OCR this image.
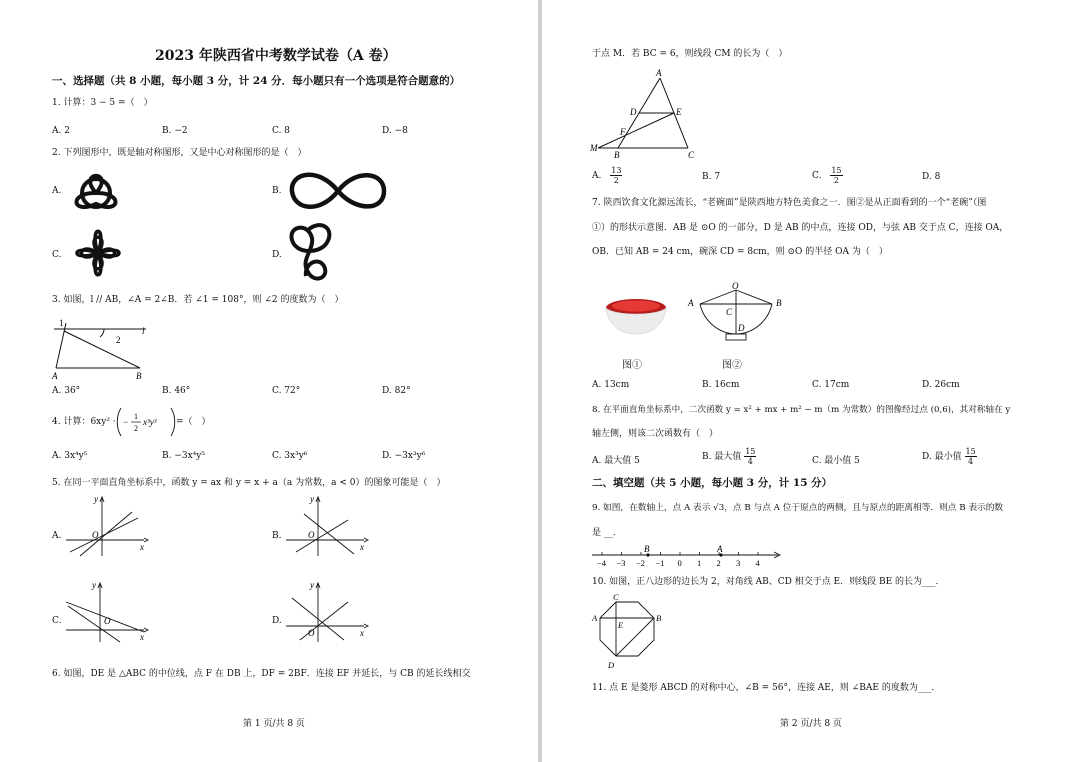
2023 年陕西省中考数学试卷（A 卷）
一、选择题（共 8 小题，每小题 3 分，计 24 分．每小题只有一个选项是符合题意的）
1. 计算：3 − 5 =（　）
A. 2	B. −2	C. 8	D. −8
2. 下列图形中，既是轴对称图形，又是中心对称图形的是（　）
A.	B.
C.	D.
3. 如图，l // AB，∠A = 2∠B．若 ∠1 = 108°，则 ∠2 的度数为（　）
1
2
l
A	B
A. 36°	B. 46°	C. 72°	D. 82°
4. 计算：6xy² · −
1
2
x³y³ =（　）
A. 3x⁴y⁵	B. −3x⁴y⁵	C. 3x³y⁶	D. −3x³y⁶
5. 在同一平面直角坐标系中，函数 y = ax 和 y = x + a（a 为常数，a < 0）的图象可能是（　）
A.	B.
C.	D.
y
x
O
y
x
O
y
x
O
y
x
O
6. 如图，DE 是 △ABC 的中位线，点 F 在 DB 上，DF = 2BF．连接 EF 并延长，与 CB 的延长线相交
第 1 页/共 8 页
于点 M．若 BC = 6，则线段 CM 的长为（　）
A
D	E
F
M
B	C
A. $\frac{13}{2}$	B. 7	C. $\frac{15}{2}$	D. 8
7. 陕西饮食文化源远流长，“老碗面”是陕西地方特色美食之一．图②是从正面看到的一个“老碗”（图
①）的形状示意图．AB 是 ⊙O 的一部分，D 是 AB 的中点，连接 OD，与弦 AB 交于点 C，连接 OA，
OB．已知 AB = 24 cm，碗深 CD = 8cm，则 ⊙O 的半径 OA 为（　）
O
A	B
C
D
图①	图②
A. 13cm	B. 16cm	C. 17cm	D. 26cm
8. 在平面直角坐标系中，二次函数 y = x² + mx + m² − m（m 为常数）的图像经过点 (0,6)，其对称轴在 y
轴左侧，则该二次函数有（　）
A. 最大值 5	B. 最大值 $\frac{15}{4}$	C. 最小值 5	D. 最小值 $\frac{15}{4}$
二、填空题（共 5 小题，每小题 3 分，计 15 分）
9. 如图，在数轴上，点 A 表示 √3，点 B 与点 A 位于原点的两侧，且与原点的距离相等．则点 B 表示的数
是 __．
−4 −3 −2 −1 0 1 2 3 4
B	A
10. 如图，正八边形的边长为 2，对角线 AB、CD 相交于点 E．则线段 BE 的长为___．
C
A
E
B
D
11. 点 E 是菱形 ABCD 的对称中心，∠B = 56°，连接 AE，则 ∠BAE 的度数为___．
第 2 页/共 8 页
